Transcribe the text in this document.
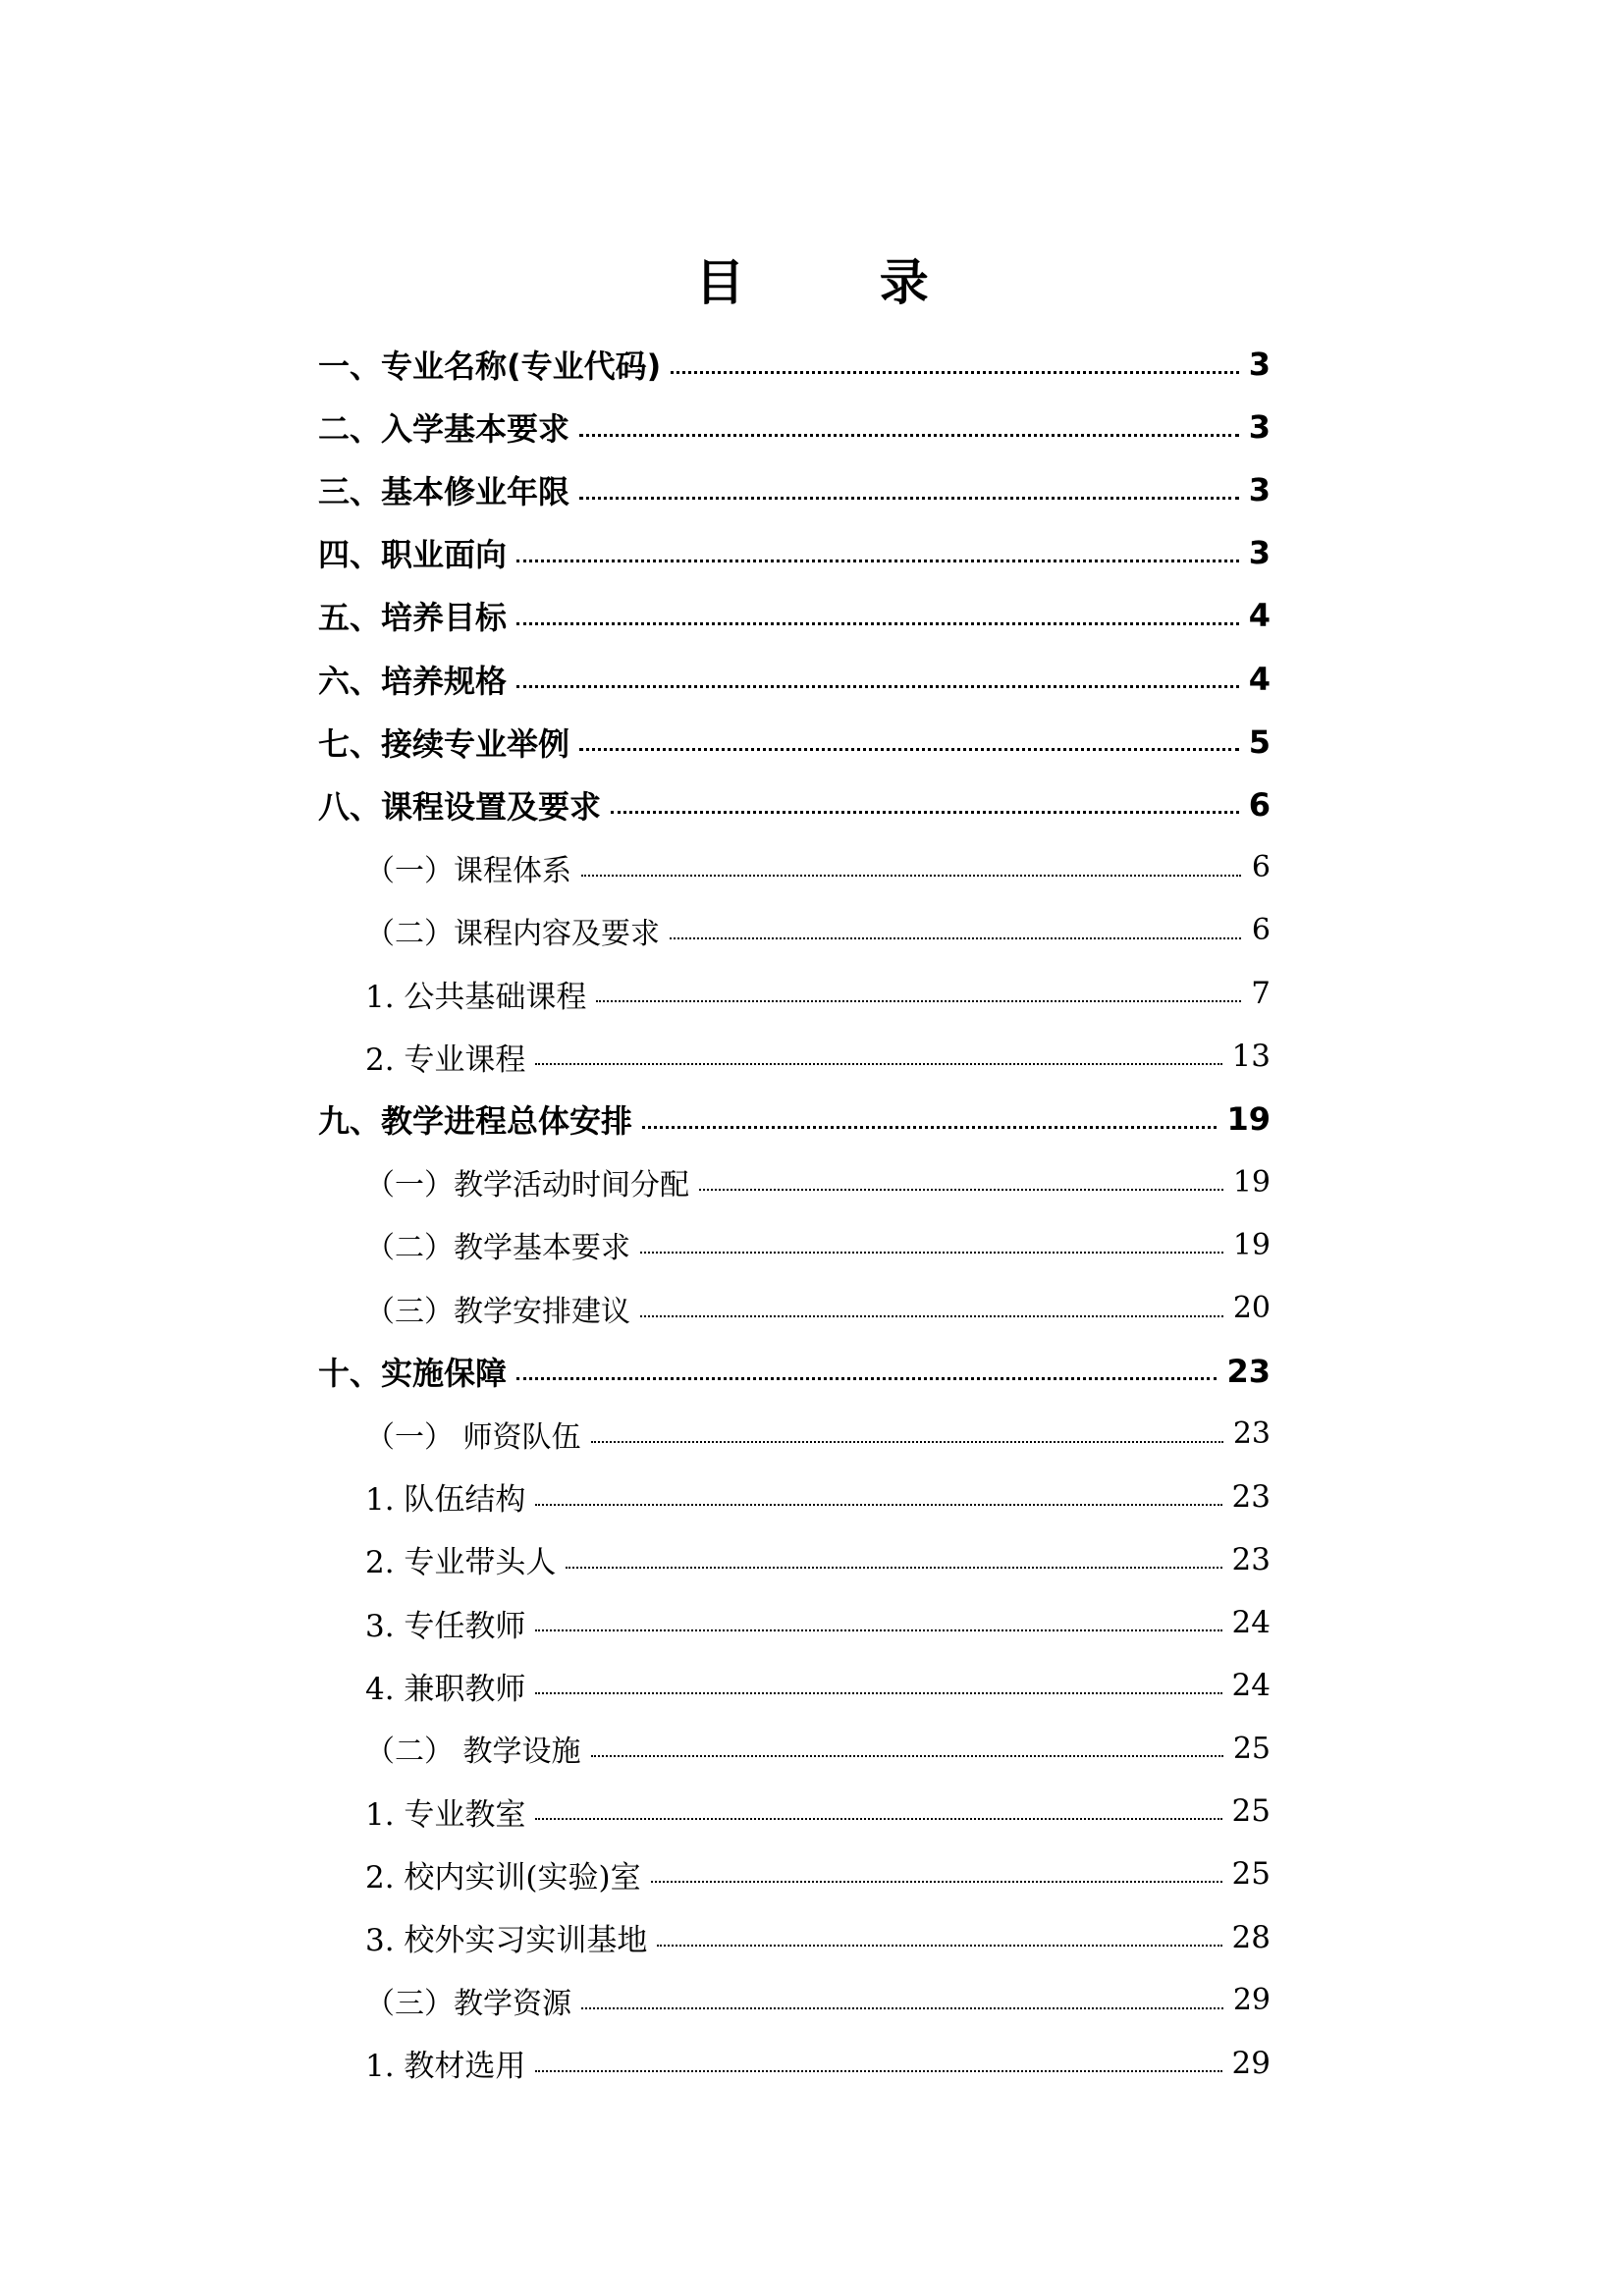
目 录
一、专业名称(专业代码)	3
二、入学基本要求	3
三、基本修业年限	3
四、职业面向	3
五、培养目标	4
六、培养规格	4
七、接续专业举例	5
八、课程设置及要求	6
（一）课程体系	6
（二）课程内容及要求	6
1. 公共基础课程	7
2. 专业课程	13
九、教学进程总体安排	19
（一）教学活动时间分配	19
（二）教学基本要求	19
（三）教学安排建议	20
十、实施保障	23
（一） 师资队伍	23
1. 队伍结构	23
2. 专业带头人	23
3. 专任教师	24
4. 兼职教师	24
（二） 教学设施	25
1. 专业教室	25
2. 校内实训(实验)室	25
3. 校外实习实训基地	28
（三）教学资源	29
1. 教材选用	29
